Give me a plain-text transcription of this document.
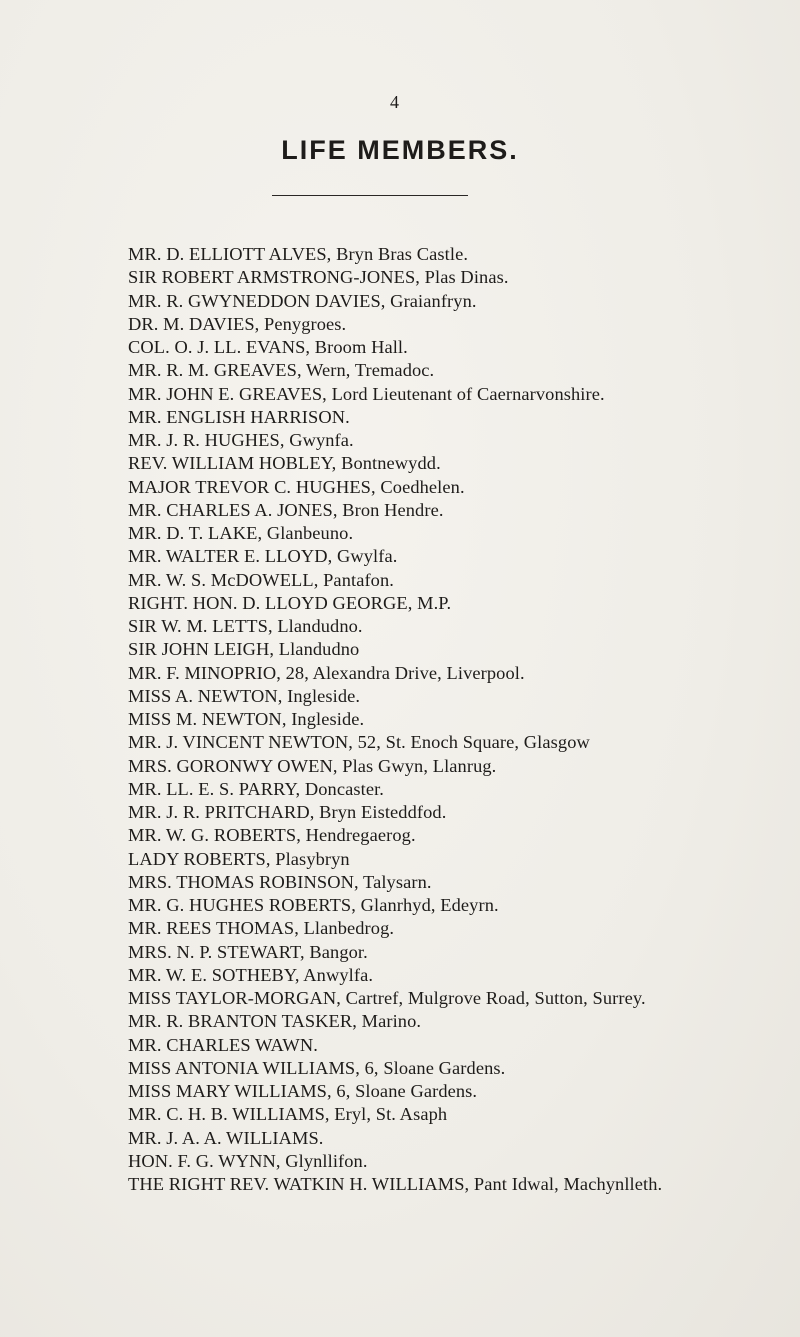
4
LIFE MEMBERS.
MR. D. ELLIOTT ALVES, Bryn Bras Castle.
SIR ROBERT ARMSTRONG-JONES, Plas Dinas.
MR. R. GWYNEDDON DAVIES, Graianfryn.
DR. M. DAVIES, Penygroes.
COL. O. J. LL. EVANS, Broom Hall.
MR. R. M. GREAVES, Wern, Tremadoc.
MR. JOHN E. GREAVES, Lord Lieutenant of Caernarvonshire.
MR. ENGLISH HARRISON.
MR. J. R. HUGHES, Gwynfa.
REV. WILLIAM HOBLEY, Bontnewydd.
MAJOR TREVOR C. HUGHES, Coedhelen.
MR. CHARLES A. JONES, Bron Hendre.
MR. D. T. LAKE, Glanbeuno.
MR. WALTER E. LLOYD, Gwylfa.
MR. W. S. McDOWELL, Pantafon.
RIGHT. HON. D. LLOYD GEORGE, M.P.
SIR W. M. LETTS, Llandudno.
SIR JOHN LEIGH, Llandudno
MR. F. MINOPRIO, 28, Alexandra Drive, Liverpool.
MISS A. NEWTON, Ingleside.
MISS M. NEWTON, Ingleside.
MR. J. VINCENT NEWTON, 52, St. Enoch Square, Glasgow
MRS. GORONWY OWEN, Plas Gwyn, Llanrug.
MR. LL. E. S. PARRY, Doncaster.
MR. J. R. PRITCHARD, Bryn Eisteddfod.
MR. W. G. ROBERTS, Hendregaerog.
LADY ROBERTS, Plasybryn
MRS. THOMAS ROBINSON, Talysarn.
MR. G. HUGHES ROBERTS, Glanrhyd, Edeyrn.
MR. REES THOMAS, Llanbedrog.
MRS. N. P. STEWART, Bangor.
MR. W. E. SOTHEBY, Anwylfa.
MISS TAYLOR-MORGAN, Cartref, Mulgrove Road, Sutton, Surrey.
MR. R. BRANTON TASKER, Marino.
MR. CHARLES WAWN.
MISS ANTONIA WILLIAMS, 6, Sloane Gardens.
MISS MARY WILLIAMS, 6, Sloane Gardens.
MR. C. H. B. WILLIAMS, Eryl, St. Asaph
MR. J. A. A. WILLIAMS.
HON. F. G. WYNN, Glynllifon.
THE RIGHT REV. WATKIN H. WILLIAMS, Pant Idwal, Machynlleth.
